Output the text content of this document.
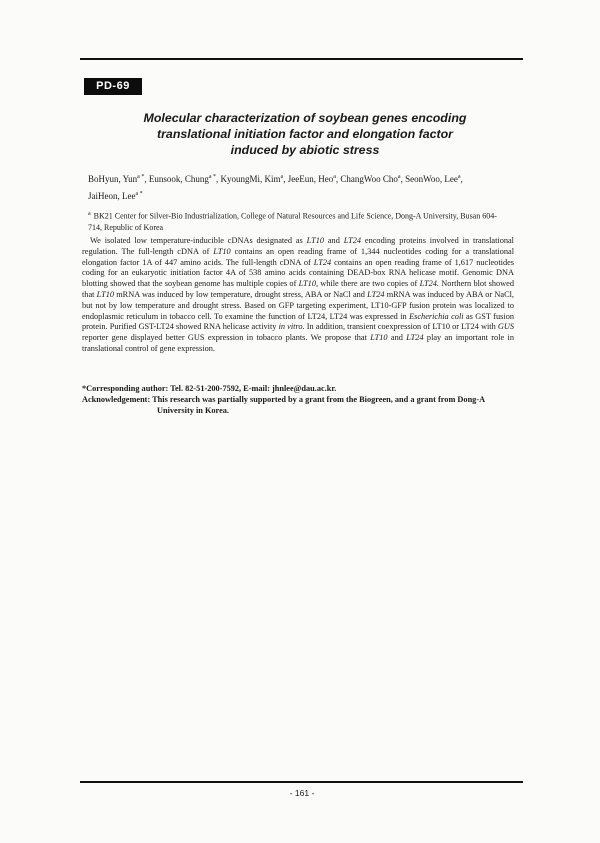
PD-69
Molecular characterization of soybean genes encoding
translational initiation factor and elongation factor
induced by abiotic stress
BoHyun, Yun$^{a *}$, Eunsook, Chung$^{a *}$, KyoungMi, Kim$^a$, JeeEun, Heo$^a$, ChangWoo Cho$^a$, SeonWoo, Lee$^a$,
JaiHeon, Lee$^{a *}$
$^a$ BK21 Center for Silver-Bio Industrialization, College of Natural Resources and Life Science, Dong-A University, Busan 604-714, Republic of Korea
We isolated low temperature-inducible cDNAs designated as LT10 and LT24 encoding proteins involved in translational regulation. The full-length cDNA of LT10 contains an open reading frame of 1,344 nucleotides coding for a translational elongation factor 1A of 447 amino acids. The full-length cDNA of LT24 contains an open reading frame of 1,617 nucleotides coding for an eukaryotic initiation factor 4A of 538 amino acids containing DEAD-box RNA helicase motif. Genomic DNA blotting showed that the soybean genome has multiple copies of LT10, while there are two copies of LT24. Northern blot showed that LT10 mRNA was induced by low temperature, drought stress, ABA or NaCl and LT24 mRNA was induced by ABA or NaCl, but not by low temperature and drought stress. Based on GFP targeting experiment, LT10-GFP fusion protein was localized to endoplasmic reticulum in tobacco cell. To examine the function of LT24, LT24 was expressed in Escherichia coli as GST fusion protein. Purified GST-LT24 showed RNA helicase activity in vitro. In addition, transient coexpression of LT10 or LT24 with GUS reporter gene displayed better GUS expression in tobacco plants. We propose that LT10 and LT24 play an important role in translational control of gene expression.
*Corresponding author: Tel. 82-51-200-7592, E-mail: jhnlee@dau.ac.kr.
Acknowledgement: This research was partially supported by a grant from the Biogreen, and a grant from Dong-A
University in Korea.
- 161 -
